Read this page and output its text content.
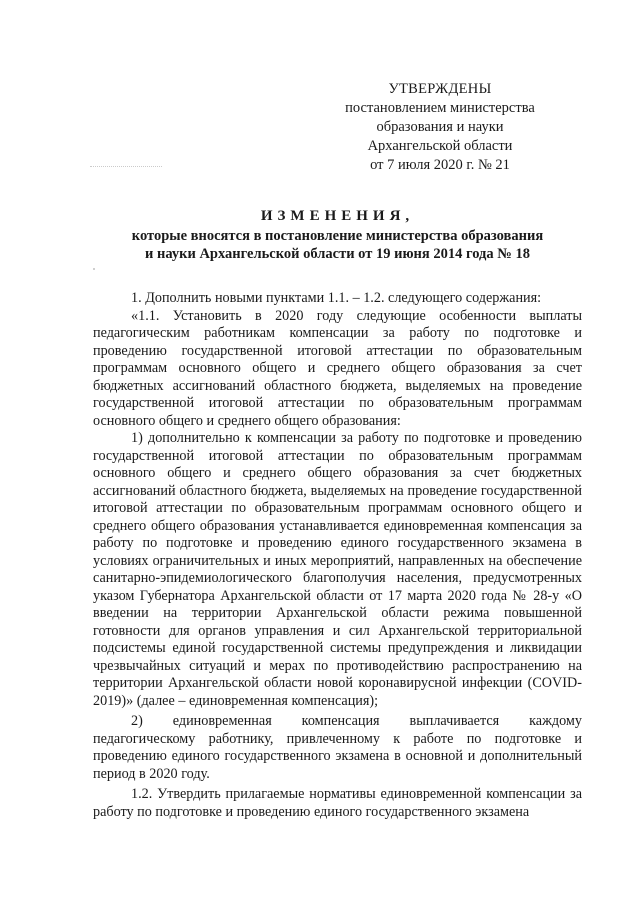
УТВЕРЖДЕНЫ
постановлением министерства
образования и науки
Архангельской области
от 7 июля 2020 г. № 21
ИЗМЕНЕНИЯ,
которые вносятся в постановление министерства образования
и науки Архангельской области от 19 июня 2014 года № 18

1. Дополнить новыми пунктами 1.1. – 1.2. следующего содержания:

«1.1. Установить в 2020 году следующие особенности выплаты педагогическим работникам компенсации за работу по подготовке и проведению государственной итоговой аттестации по образовательным программам основного общего и среднего общего образования за счет бюджетных ассигнований областного бюджета, выделяемых на проведение государственной итоговой аттестации по образовательным программам основного общего и среднего общего образования:

1) дополнительно к компенсации за работу по подготовке и проведению государственной итоговой аттестации по образовательным программам основного общего и среднего общего образования за счет бюджетных ассигнований областного бюджета, выделяемых на проведение государственной итоговой аттестации по образовательным программам основного общего и среднего общего образования устанавливается единовременная компенсация за работу по подготовке и проведению единого государственного экзамена в условиях ограничительных и иных мероприятий, направленных на обеспечение санитарно-эпидемиологического благополучия населения, предусмотренных указом Губернатора Архангельской области от 17 марта 2020 года № 28-у «О введении на территории Архангельской области режима повышенной готовности для органов управления и сил Архангельской территориальной подсистемы единой государственной системы предупреждения и ликвидации чрезвычайных ситуаций и мерах по противодействию распространению на территории Архангельской области новой коронавирусной инфекции (COVID-2019)» (далее – единовременная компенсация);

2) единовременная компенсация выплачивается каждому педагогическому работнику, привлеченному к работе по подготовке и проведению единого государственного экзамена в основной и дополнительный период в 2020 году.

1.2. Утвердить прилагаемые нормативы единовременной компенсации за работу по подготовке и проведению единого государственного экзамена
